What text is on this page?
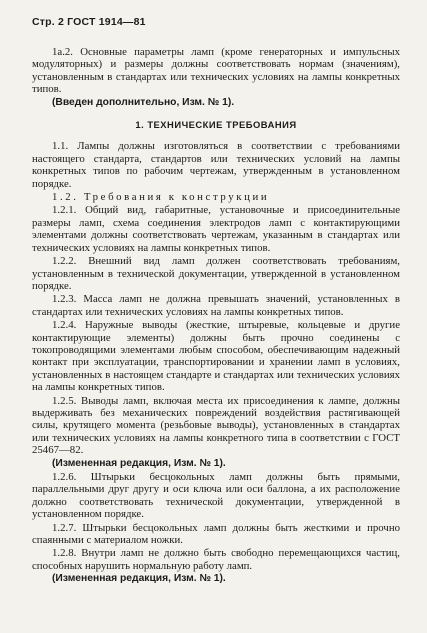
Стр. 2 ГОСТ 1914—81

1а.2. Основные параметры ламп (кроме генераторных и импульсных модуляторных) и размеры должны соответствовать нормам (значениям), установленным в стандартах или технических условиях на лампы конкретных типов.

(Введен дополнительно, Изм. № 1).

1. ТЕХНИЧЕСКИЕ ТРЕБОВАНИЯ

1.1. Лампы должны изготовляться в соответствии с требованиями настоящего стандарта, стандартов или технических условий на лампы конкретных типов по рабочим чертежам, утвержденным в установленном порядке.

1.2. Требования к конструкции

1.2.1. Общий вид, габаритные, установочные и присоединительные размеры ламп, схема соединения электродов ламп с контактирующими элементами должны соответствовать чертежам, указанным в стандартах или технических условиях на лампы конкретных типов.

1.2.2. Внешний вид ламп должен соответствовать требованиям, установленным в технической документации, утвержденной в установленном порядке.

1.2.3. Масса ламп не должна превышать значений, установленных в стандартах или технических условиях на лампы конкретных типов.

1.2.4. Наружные выводы (жесткие, штыревые, кольцевые и другие контактирующие элементы) должны быть прочно соединены с токопроводящими элементами любым способом, обеспечивающим надежный контакт при эксплуатации, транспортировании и хранении ламп в условиях, установленных в настоящем стандарте и стандартах или технических условиях на лампы конкретных типов.

1.2.5. Выводы ламп, включая места их присоединения к лампе, должны выдерживать без механических повреждений воздействия растягивающей силы, крутящего момента (резьбовые выводы), установленных в стандартах или технических условиях на лампы конкретного типа в соответствии с ГОСТ 25467—82.

(Измененная редакция, Изм. № 1).

1.2.6. Штырьки бесцокольных ламп должны быть прямыми, параллельными друг другу и оси ключа или оси баллона, а их расположение должно соответствовать технической документации, утвержденной в установленном порядке.

1.2.7. Штырьки бесцокольных ламп должны быть жесткими и прочно спаянными с материалом ножки.

1.2.8. Внутри ламп не должно быть свободно перемещающихся частиц, способных нарушить нормальную работу ламп.

(Измененная редакция, Изм. № 1).
